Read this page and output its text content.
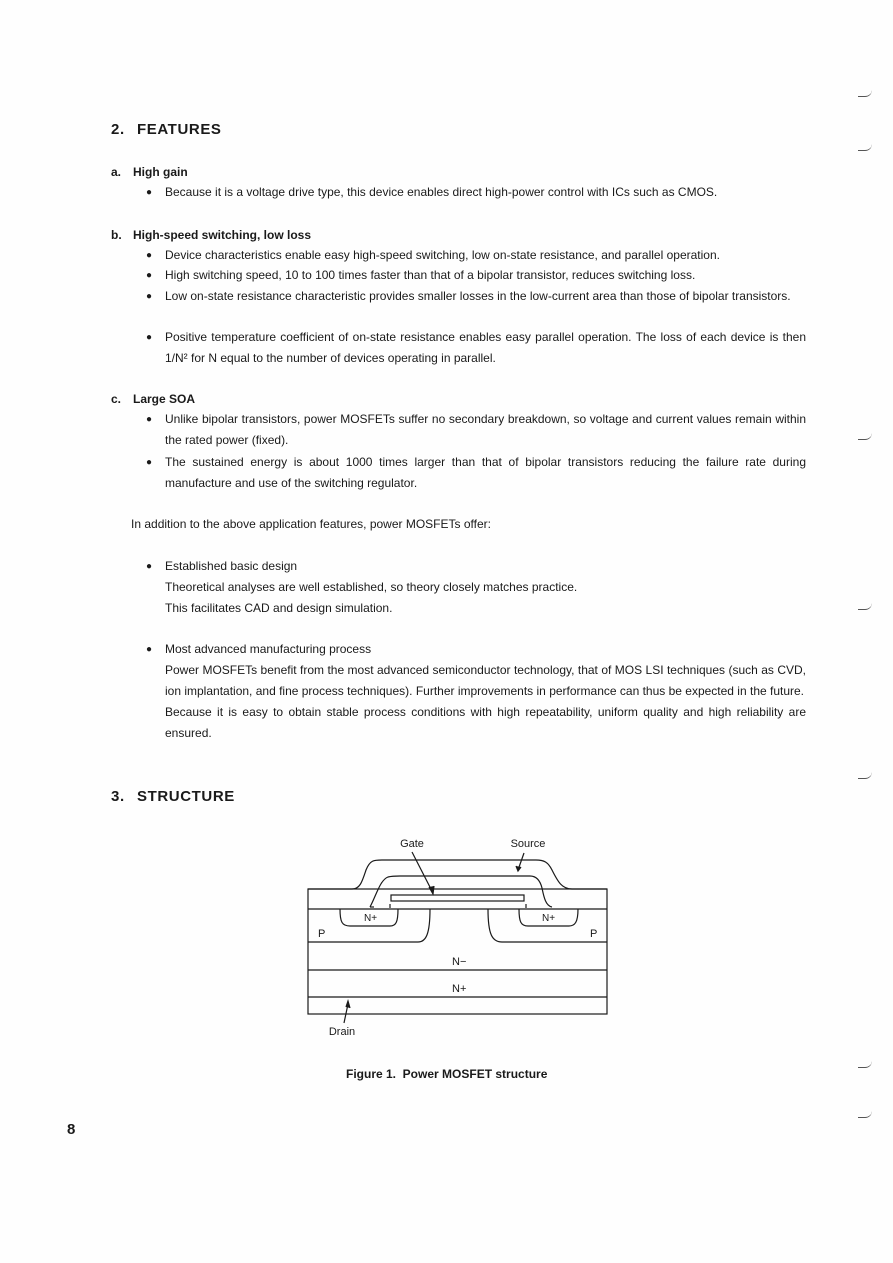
2. FEATURES
a. High gain
● Because it is a voltage drive type, this device enables direct high-power control with ICs such as CMOS.

b. High-speed switching, low loss
● Device characteristics enable easy high-speed switching, low on-state resistance, and parallel operation.

● High switching speed, 10 to 100 times faster than that of a bipolar transistor, reduces switching loss.

● Low on-state resistance characteristic provides smaller losses in the low-current area than those of bipolar transistors.

● Positive temperature coefficient of on-state resistance enables easy parallel operation. The loss of each device is then 1/N² for N equal to the number of devices operating in parallel.

c. Large SOA
● Unlike bipolar transistors, power MOSFETs suffer no secondary breakdown, so voltage and current values remain within the rated power (fixed).

● The sustained energy is about 1000 times larger than that of bipolar transistors reducing the failure rate during manufacture and use of the switching regulator.

In addition to the above application features, power MOSFETs offer:
● Established basic design

Theoretical analyses are well established, so theory closely matches practice.

This facilitates CAD and design simulation.

● Most advanced manufacturing process

Power MOSFETs benefit from the most advanced semiconductor technology, that of MOS LSI techniques (such as CVD, ion implantation, and fine process techniques). Further improvements in performance can thus be expected in the future.

Because it is easy to obtain stable process conditions with high repeatability, uniform quality and high reliability are ensured.

3. STRUCTURE
Gate	Source
N+	N+
P	P
N−
N+
Drain
Figure 1.  Power MOSFET structure
8
